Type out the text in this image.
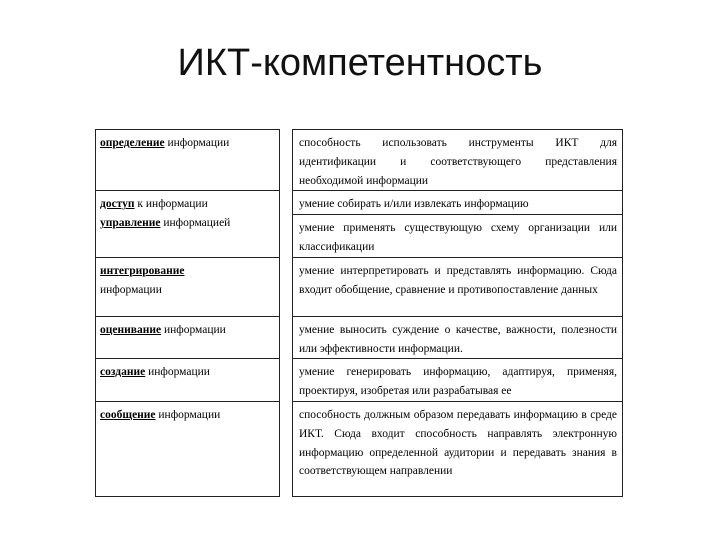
ИКТ-компетентность
определение информации		способность использовать инструменты ИКТ для идентификации и соответствующего представления необходимой информации

доступ к информации
управление информацией		умение собирать и/или извлекать информацию
		умение применять существующую схему организации или классификации

интегрирование
информации		умение интерпретировать и представлять информацию. Сюда входит обобщение, сравнение и противопоставление данных
оценивание информации		умение выносить суждение о качестве, важности, полезности или эффективности информации.
создание информации		умение генерировать информацию, адаптируя, применяя, проектируя, изобретая или разрабатывая ее
сообщение информации		способность должным образом передавать информацию в среде ИКТ. Сюда входит способность направлять электронную информацию определенной аудитории и передавать знания в соответствующем направлении
